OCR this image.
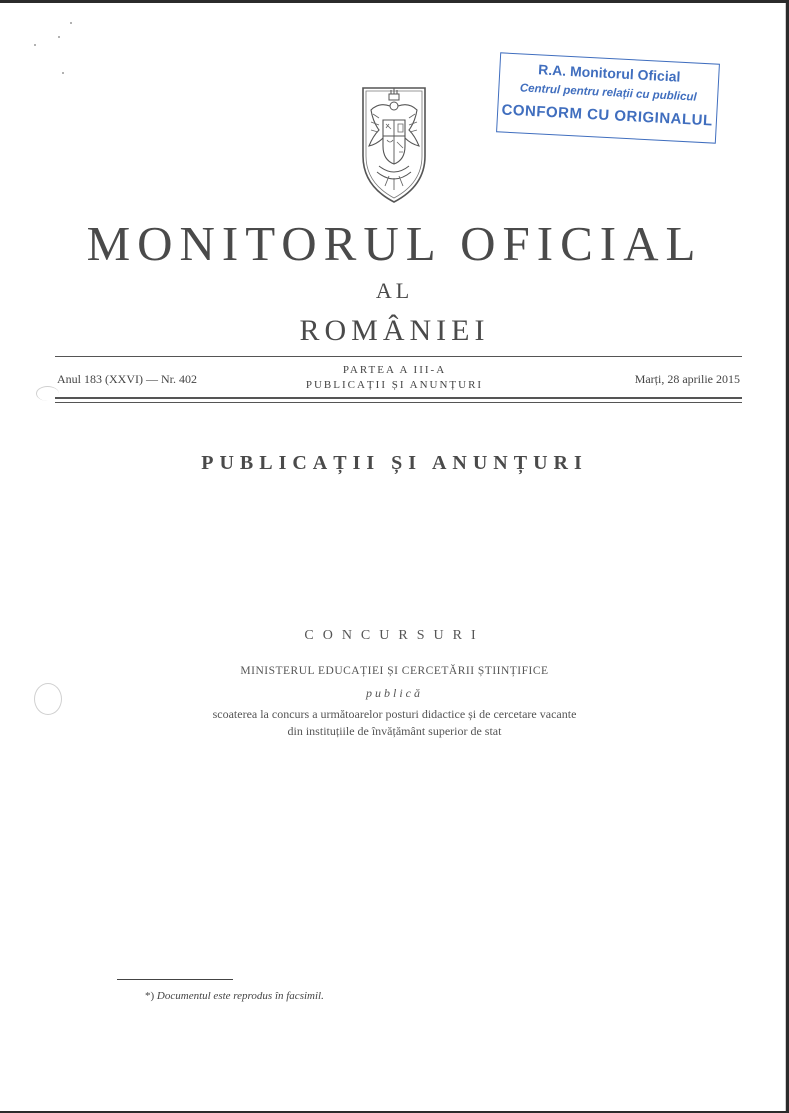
R.A. Monitorul Oficial
Centrul pentru relații cu publicul
CONFORM CU ORIGINALUL
MONITORUL OFICIAL
AL
ROMÂNIEI
Anul 183 (XXVI) — Nr. 402
PARTEA A III-A
PUBLICAȚII ȘI ANUNȚURI	Marți, 28 aprilie 2015
PUBLICAȚII ȘI ANUNȚURI
CONCURSURI
MINISTERUL EDUCAȚIEI ȘI CERCETĂRII ȘTIINȚIFICE
publică
scoaterea la concurs a următoarelor posturi didactice și de cercetare vacante
din instituțiile de învățământ superior de stat
*) Documentul este reprodus în facsimil.
